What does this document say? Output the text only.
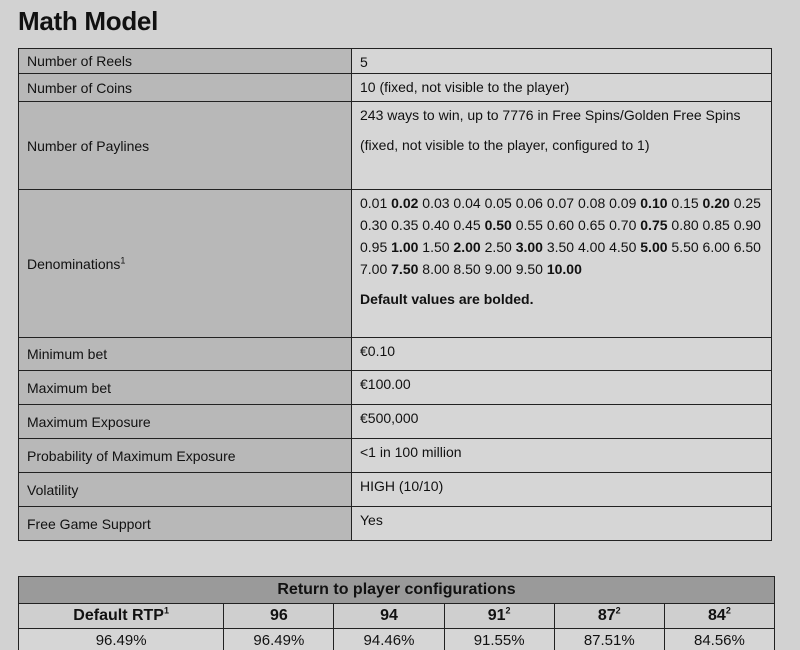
Math Model
Number of Reels	5
Number of Coins	10 (fixed, not visible to the player)
Number of Paylines	243 ways to win, up to 7776 in Free Spins/Golden Free Spins

(fixed, not visible to the player, configured to 1)

Denominations$^1$	0.01 0.02 0.03 0.04 0.05 0.06 0.07 0.08 0.09 0.10 0.15 0.20 0.25 0.30 0.35 0.40 0.45 0.50 0.55 0.60 0.65 0.70 0.75 0.80 0.85 0.90 0.95 1.00 1.50 2.00 2.50 3.00 3.50 4.00 4.50 5.00 5.50 6.00 6.50 7.00 7.50 8.00 8.50 9.00 9.50 10.00

Default values are bolded.

Minimum bet	€0.10
Maximum bet	€100.00
Maximum Exposure	€500,000
Probability of Maximum Exposure	<1 in 100 million
Volatility	HIGH (10/10)
Free Game Support	Yes
Return to player configurations					
Default RTP$^1$	96	94	$91^2$	$87^2$	$84^2$
96.49%	96.49%	94.46%	91.55%	87.51%	84.56%
